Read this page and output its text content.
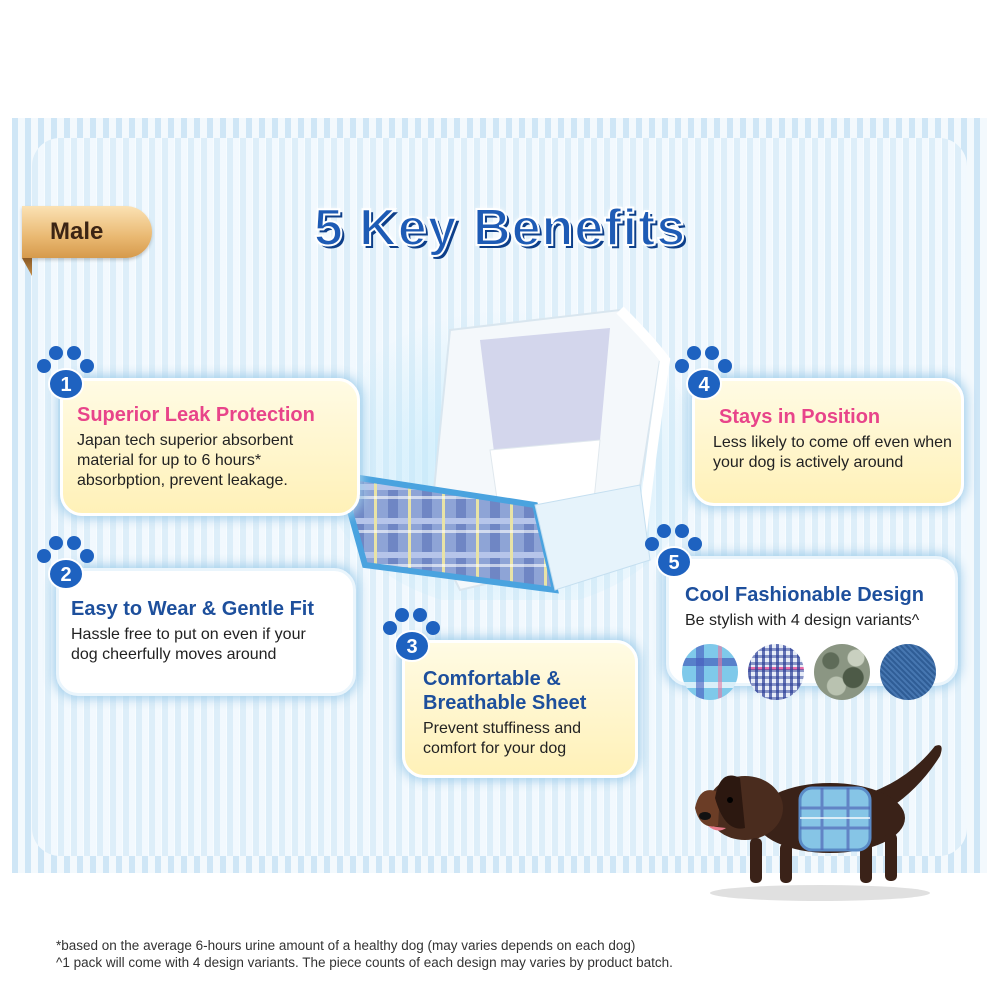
Male	5 Key Benefits
Superior Leak Protection

Japan tech superior absorbent material for up to 6 hours* absorbption, prevent leakage.

1
Easy to Wear & Gentle Fit

Hassle free to put on even if your dog cheerfully moves around

2
Comfortable &
Breathable Sheet

Prevent stuffiness and comfort for your dog

3
Stays in Position

Less likely to come off even when your dog is actively around

4
Cool Fashionable Design

Be stylish with 4 design variants^

5
*based on the average 6-hours urine amount of a healthy dog (may varies depends on each dog)
^1 pack will come with 4 design variants. The piece counts of each design may varies by product batch.
